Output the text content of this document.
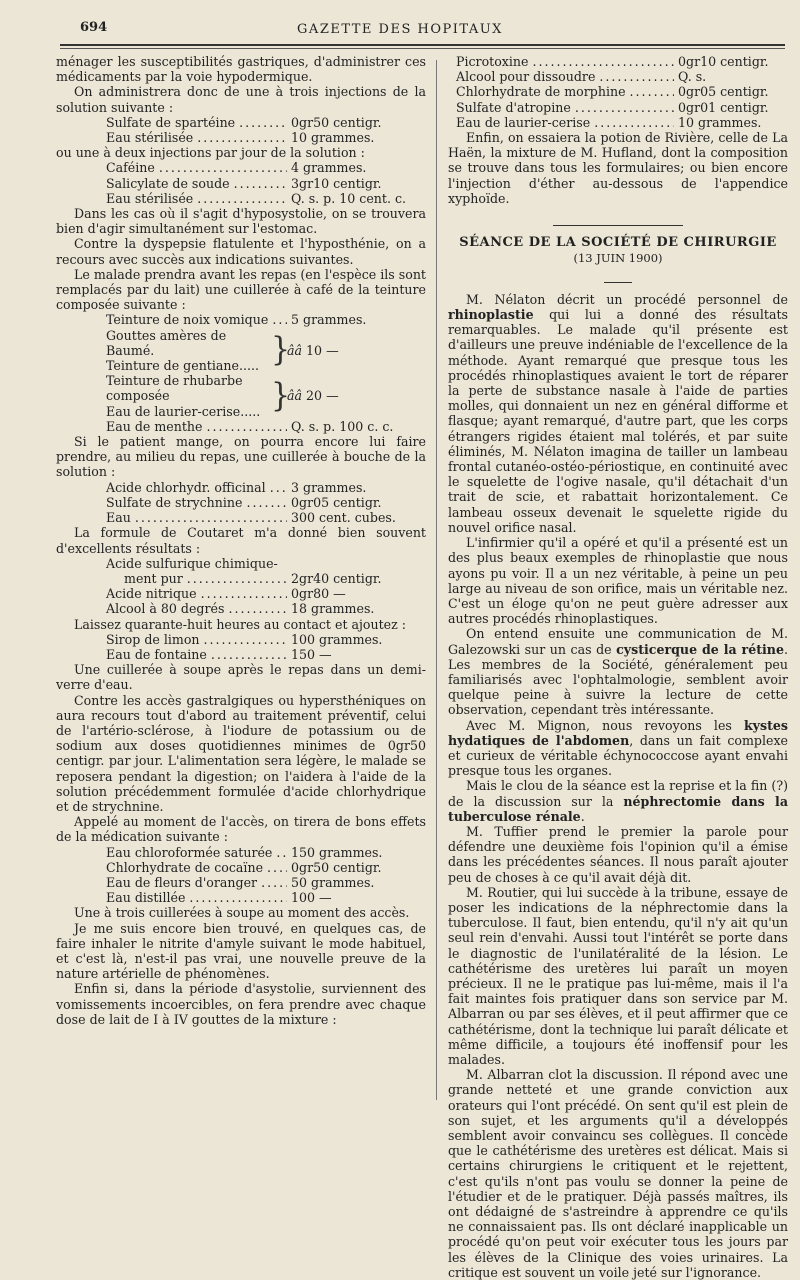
694	GAZETTE DES HOPITAUX

ménager les susceptibilités gastriques, d'administrer ces médicaments par la voie hypodermique.

On administrera donc de une à trois injections de la solution suivante :

Sulfate de spartéine . . .	0gr50 centigr.
Eau stérilisée . . .	10 grammes.

ou une à deux injections par jour de la solution :

Caféine . . .	4 grammes.
Salicylate de soude . . .	3gr10 centigr.
Eau stérilisée . . .	Q. s. p. 10 cent. c.

Dans les cas où il s'agit d'hyposystolie, on se trouvera bien d'agir simultanément sur l'estomac.

Contre la dyspepsie flatulente et l'hyposthénie, on a recours avec succès aux indications suivantes.

Le malade prendra avant les repas (en l'espèce ils sont remplacés par du lait) une cuillerée à café de la teinture composée suivante :

Teinture de noix vomique . . . 5 grammes.
Gouttes amères de Baumé.
Teinture de gentiane..... }
ââ 10 —
Teinture de rhubarbe composée
Eau de laurier-cerise..... }
ââ 20 —
Eau de menthe . . .	Q. s. p. 100 c. c.

Si le patient mange, on pourra encore lui faire prendre, au milieu du repas, une cuillerée à bouche de la solution :

Acide chlorhydr. officinal . . . 3 grammes.
Sulfate de strychnine . . .	0gr05 centigr.
Eau . . .	300 cent. cubes.

La formule de Coutaret m'a donné bien souvent d'excellents résultats :

Acide sulfurique chimique-
ment pur . . .	2gr40 centigr.
Acide nitrique . . .	0gr80 —
Alcool à 80 degrés . . .	18 grammes.

Laissez quarante-huit heures au contact et ajoutez :

Sirop de limon . . .	100 grammes.
Eau de fontaine . . .	150 —

Une cuillerée à soupe après le repas dans un demi-verre d'eau.

Contre les accès gastralgiques ou hypersthéniques on aura recours tout d'abord au traitement préventif, celui de l'artério-sclérose, à l'iodure de potassium ou de sodium aux doses quotidiennes minimes de 0gr50 centigr. par jour. L'alimentation sera légère, le malade se reposera pendant la digestion; on l'aidera à l'aide de la solution précédemment formulée d'acide chlorhydrique et de strychnine.

Appelé au moment de l'accès, on tirera de bons effets de la médication suivante :

Eau chloroformée saturée . . . 150 grammes.
Chlorhydrate de cocaïne . . . 0gr50 centigr.
Eau de fleurs d'oranger . . .	50 grammes.
Eau distillée . . .	100 —

Une à trois cuillerées à soupe au moment des accès.

Je me suis encore bien trouvé, en quelques cas, de faire inhaler le nitrite d'amyle suivant le mode habituel, et c'est là, n'est-il pas vrai, une nouvelle preuve de la nature artérielle de phénomènes.

Enfin si, dans la période d'asystolie, surviennent des vomissements incoercibles, on fera prendre avec chaque dose de lait de I à IV gouttes de la mixture :

Picrotoxine . . .	0gr10 centigr.
Alcool pour dissoudre . . .	Q. s.
Chlorhydrate de morphine . . .	0gr05 centigr.
Sulfate d'atropine . . .	0gr01 centigr.
Eau de laurier-cerise . . .	10 grammes.

Enfin, on essaiera la potion de Rivière, celle de La Haën, la mixture de M. Hufland, dont la composition se trouve dans tous les formulaires; ou bien encore l'injection d'éther au-dessous de l'appendice xyphoïde.

SÉANCE DE LA SOCIÉTÉ DE CHIRURGIE
(13 JUIN 1900)

M. Nélaton décrit un procédé personnel de rhinoplastie qui lui a donné des résultats remarquables. Le malade qu'il présente est d'ailleurs une preuve indéniable de l'excellence de la méthode. Ayant remarqué que presque tous les procédés rhinoplastiques avaient le tort de réparer la perte de substance nasale à l'aide de parties molles, qui donnaient un nez en général difforme et flasque; ayant remarqué, d'autre part, que les corps étrangers rigides étaient mal tolérés, et par suite éliminés, M. Nélaton imagina de tailler un lambeau frontal cutanéo-ostéo-périostique, en continuité avec le squelette de l'ogive nasale, qu'il détachait d'un trait de scie, et rabattait horizontalement. Ce lambeau osseux devenait le squelette rigide du nouvel orifice nasal.

L'infirmier qu'il a opéré et qu'il a présenté est un des plus beaux exemples de rhinoplastie que nous ayons pu voir. Il a un nez véritable, à peine un peu large au niveau de son orifice, mais un véritable nez. C'est un éloge qu'on ne peut guère adresser aux autres procédés rhinoplastiques.

On entend ensuite une communication de M. Galezowski sur un cas de cysticerque de la rétine. Les membres de la Société, généralement peu familiarisés avec l'ophtalmologie, semblent avoir quelque peine à suivre la lecture de cette observation, cependant très intéressante.

Avec M. Mignon, nous revoyons les kystes hydatiques de l'abdomen, dans un fait complexe et curieux de véritable échynococcose ayant envahi presque tous les organes.

Mais le clou de la séance est la reprise et la fin (?) de la discussion sur la néphrectomie dans la tuberculose rénale.

M. Tuffier prend le premier la parole pour défendre une deuxième fois l'opinion qu'il a émise dans les précédentes séances. Il nous paraît ajouter peu de choses à ce qu'il avait déjà dit.

M. Routier, qui lui succède à la tribune, essaye de poser les indications de la néphrectomie dans la tuberculose. Il faut, bien entendu, qu'il n'y ait qu'un seul rein d'envahi. Aussi tout l'intérêt se porte dans le diagnostic de l'unilatéralité de la lésion. Le cathétérisme des uretères lui paraît un moyen précieux. Il ne le pratique pas lui-même, mais il l'a fait maintes fois pratiquer dans son service par M. Albarran ou par ses élèves, et il peut affirmer que ce cathétérisme, dont la technique lui paraît délicate et même difficile, a toujours été inoffensif pour les malades.

M. Albarran clot la discussion. Il répond avec une grande netteté et une grande conviction aux orateurs qui l'ont précédé. On sent qu'il est plein de son sujet, et les arguments qu'il a développés semblent avoir convaincu ses collègues. Il concède que le cathétérisme des uretères est délicat. Mais si certains chirurgiens le critiquent et le rejettent, c'est qu'ils n'ont pas voulu se donner la peine de l'étudier et de le pratiquer. Déjà passés maîtres, ils ont dédaigné de s'astreindre à apprendre ce qu'ils ne connaissaient pas. Ils ont déclaré inapplicable un procédé qu'on peut voir exécuter tous les jours par les élèves de la Clinique des voies urinaires. La critique est souvent un voile jeté sur l'ignorance.
